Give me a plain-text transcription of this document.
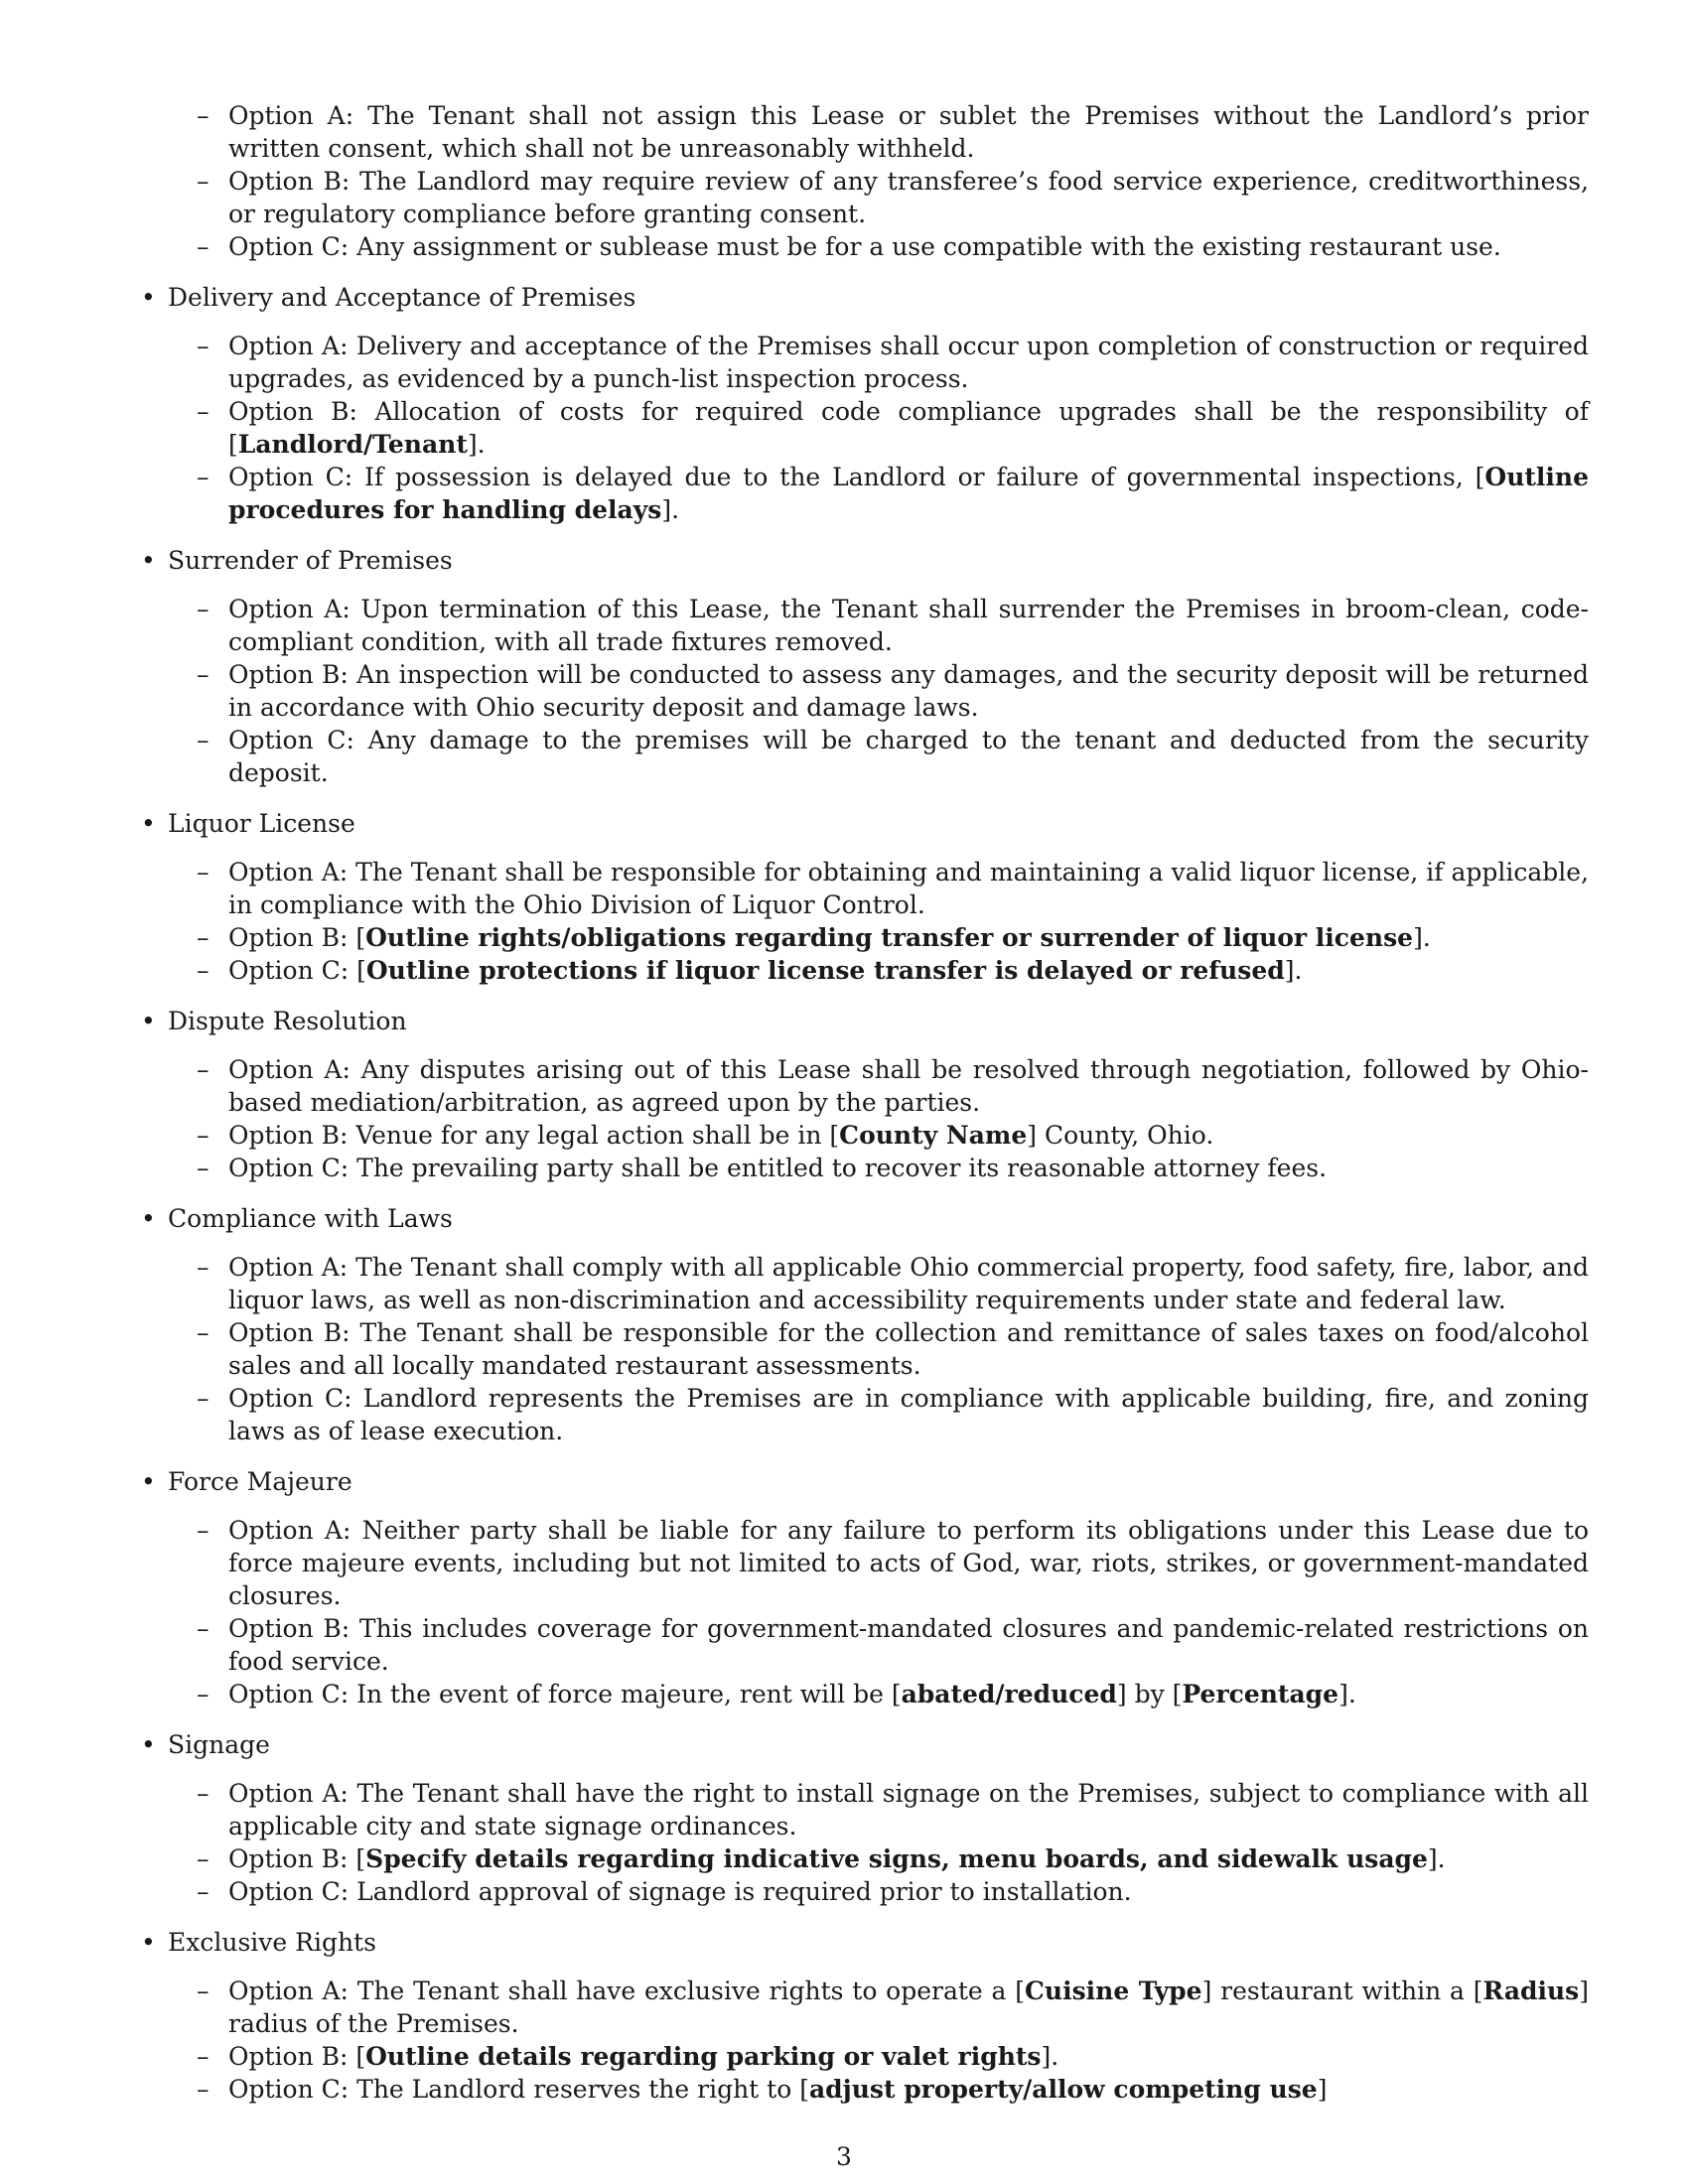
– Option A: The Tenant shall not assign this Lease or sublet the Premises without the Landlord’s prior written consent, which shall not be unreasonably withheld.
– Option B: The Landlord may require review of any transferee’s food service experience, creditworthiness, or regulatory compliance before granting consent.
– Option C: Any assignment or sublease must be for a use compatible with the existing restaurant use.
• Delivery and Acceptance of Premises
– Option A: Delivery and acceptance of the Premises shall occur upon completion of construction or required upgrades, as evidenced by a punch-list inspection process.
– Option B: Allocation of costs for required code compliance upgrades shall be the responsibility of [Landlord/Tenant].
– Option C: If possession is delayed due to the Landlord or failure of governmental inspections, [Outline procedures for handling delays].
• Surrender of Premises
– Option A: Upon termination of this Lease, the Tenant shall surrender the Premises in broom-clean, code-compliant condition, with all trade fixtures removed.
– Option B: An inspection will be conducted to assess any damages, and the security deposit will be returned in accordance with Ohio security deposit and damage laws.
– Option C: Any damage to the premises will be charged to the tenant and deducted from the security deposit.
• Liquor License
– Option A: The Tenant shall be responsible for obtaining and maintaining a valid liquor license, if applicable, in compliance with the Ohio Division of Liquor Control.
– Option B: [Outline rights/obligations regarding transfer or surrender of liquor license].
– Option C: [Outline protections if liquor license transfer is delayed or refused].
• Dispute Resolution
– Option A: Any disputes arising out of this Lease shall be resolved through negotiation, followed by Ohio-based mediation/arbitration, as agreed upon by the parties.
– Option B: Venue for any legal action shall be in [County Name] County, Ohio.
– Option C: The prevailing party shall be entitled to recover its reasonable attorney fees.
• Compliance with Laws
– Option A: The Tenant shall comply with all applicable Ohio commercial property, food safety, fire, labor, and liquor laws, as well as non-discrimination and accessibility requirements under state and federal law.
– Option B: The Tenant shall be responsible for the collection and remittance of sales taxes on food/alcohol sales and all locally mandated restaurant assessments.
– Option C: Landlord represents the Premises are in compliance with applicable building, fire, and zoning laws as of lease execution.
• Force Majeure
– Option A: Neither party shall be liable for any failure to perform its obligations under this Lease due to force majeure events, including but not limited to acts of God, war, riots, strikes, or government-mandated closures.
– Option B: This includes coverage for government-mandated closures and pandemic-related restrictions on food service.
– Option C: In the event of force majeure, rent will be [abated/reduced] by [Percentage].
• Signage
– Option A: The Tenant shall have the right to install signage on the Premises, subject to compliance with all applicable city and state signage ordinances.
– Option B: [Specify details regarding indicative signs, menu boards, and sidewalk usage].
– Option C: Landlord approval of signage is required prior to installation.
• Exclusive Rights
– Option A: The Tenant shall have exclusive rights to operate a [Cuisine Type] restaurant within a [Radius] radius of the Premises.
– Option B: [Outline details regarding parking or valet rights].
– Option C: The Landlord reserves the right to [adjust property/allow competing use]
3
